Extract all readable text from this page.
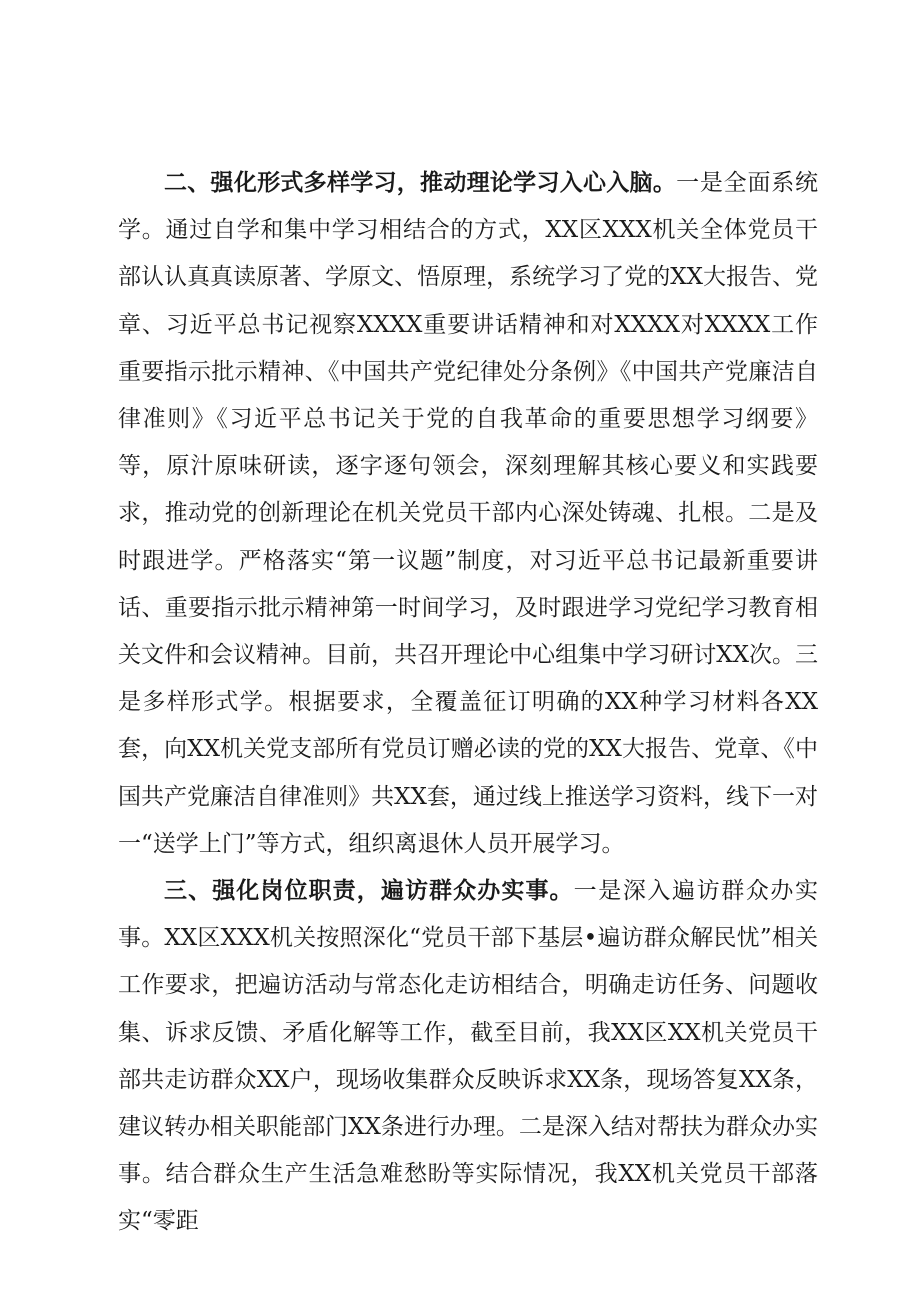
二、强化形式多样学习，推动理论学习入心入脑。一是全面系统学。通过自学和集中学习相结合的方式，XX区XXX机关全体党员干部认认真真读原著、学原文、悟原理，系统学习了党的XX大报告、党章、习近平总书记视察XXXX重要讲话精神和对XXXX对XXXX工作重要指示批示精神、《中国共产党纪律处分条例》《中国共产党廉洁自律准则》《习近平总书记关于党的自我革命的重要思想学习纲要》等，原汁原味研读，逐字逐句领会，深刻理解其核心要义和实践要求，推动党的创新理论在机关党员干部内心深处铸魂、扎根。二是及时跟进学。严格落实“第一议题”制度，对习近平总书记最新重要讲话、重要指示批示精神第一时间学习，及时跟进学习党纪学习教育相关文件和会议精神。目前，共召开理论中心组集中学习研讨XX次。三是多样形式学。根据要求，全覆盖征订明确的XX种学习材料各XX套，向XX机关党支部所有党员订赠必读的党的XX大报告、党章、《中国共产党廉洁自律准则》共XX套，通过线上推送学习资料，线下一对一“送学上门”等方式，组织离退休人员开展学习。

三、强化岗位职责，遍访群众办实事。一是深入遍访群众办实事。XX区XXX机关按照深化“党员干部下基层•遍访群众解民忧”相关工作要求，把遍访活动与常态化走访相结合，明确走访任务、问题收集、诉求反馈、矛盾化解等工作，截至目前，我XX区XX机关党员干部共走访群众XX户，现场收集群众反映诉求XX条，现场答复XX条，建议转办相关职能部门XX条进行办理。二是深入结对帮扶为群众办实事。结合群众生产生活急难愁盼等实际情况，我XX机关党员干部落实“零距
